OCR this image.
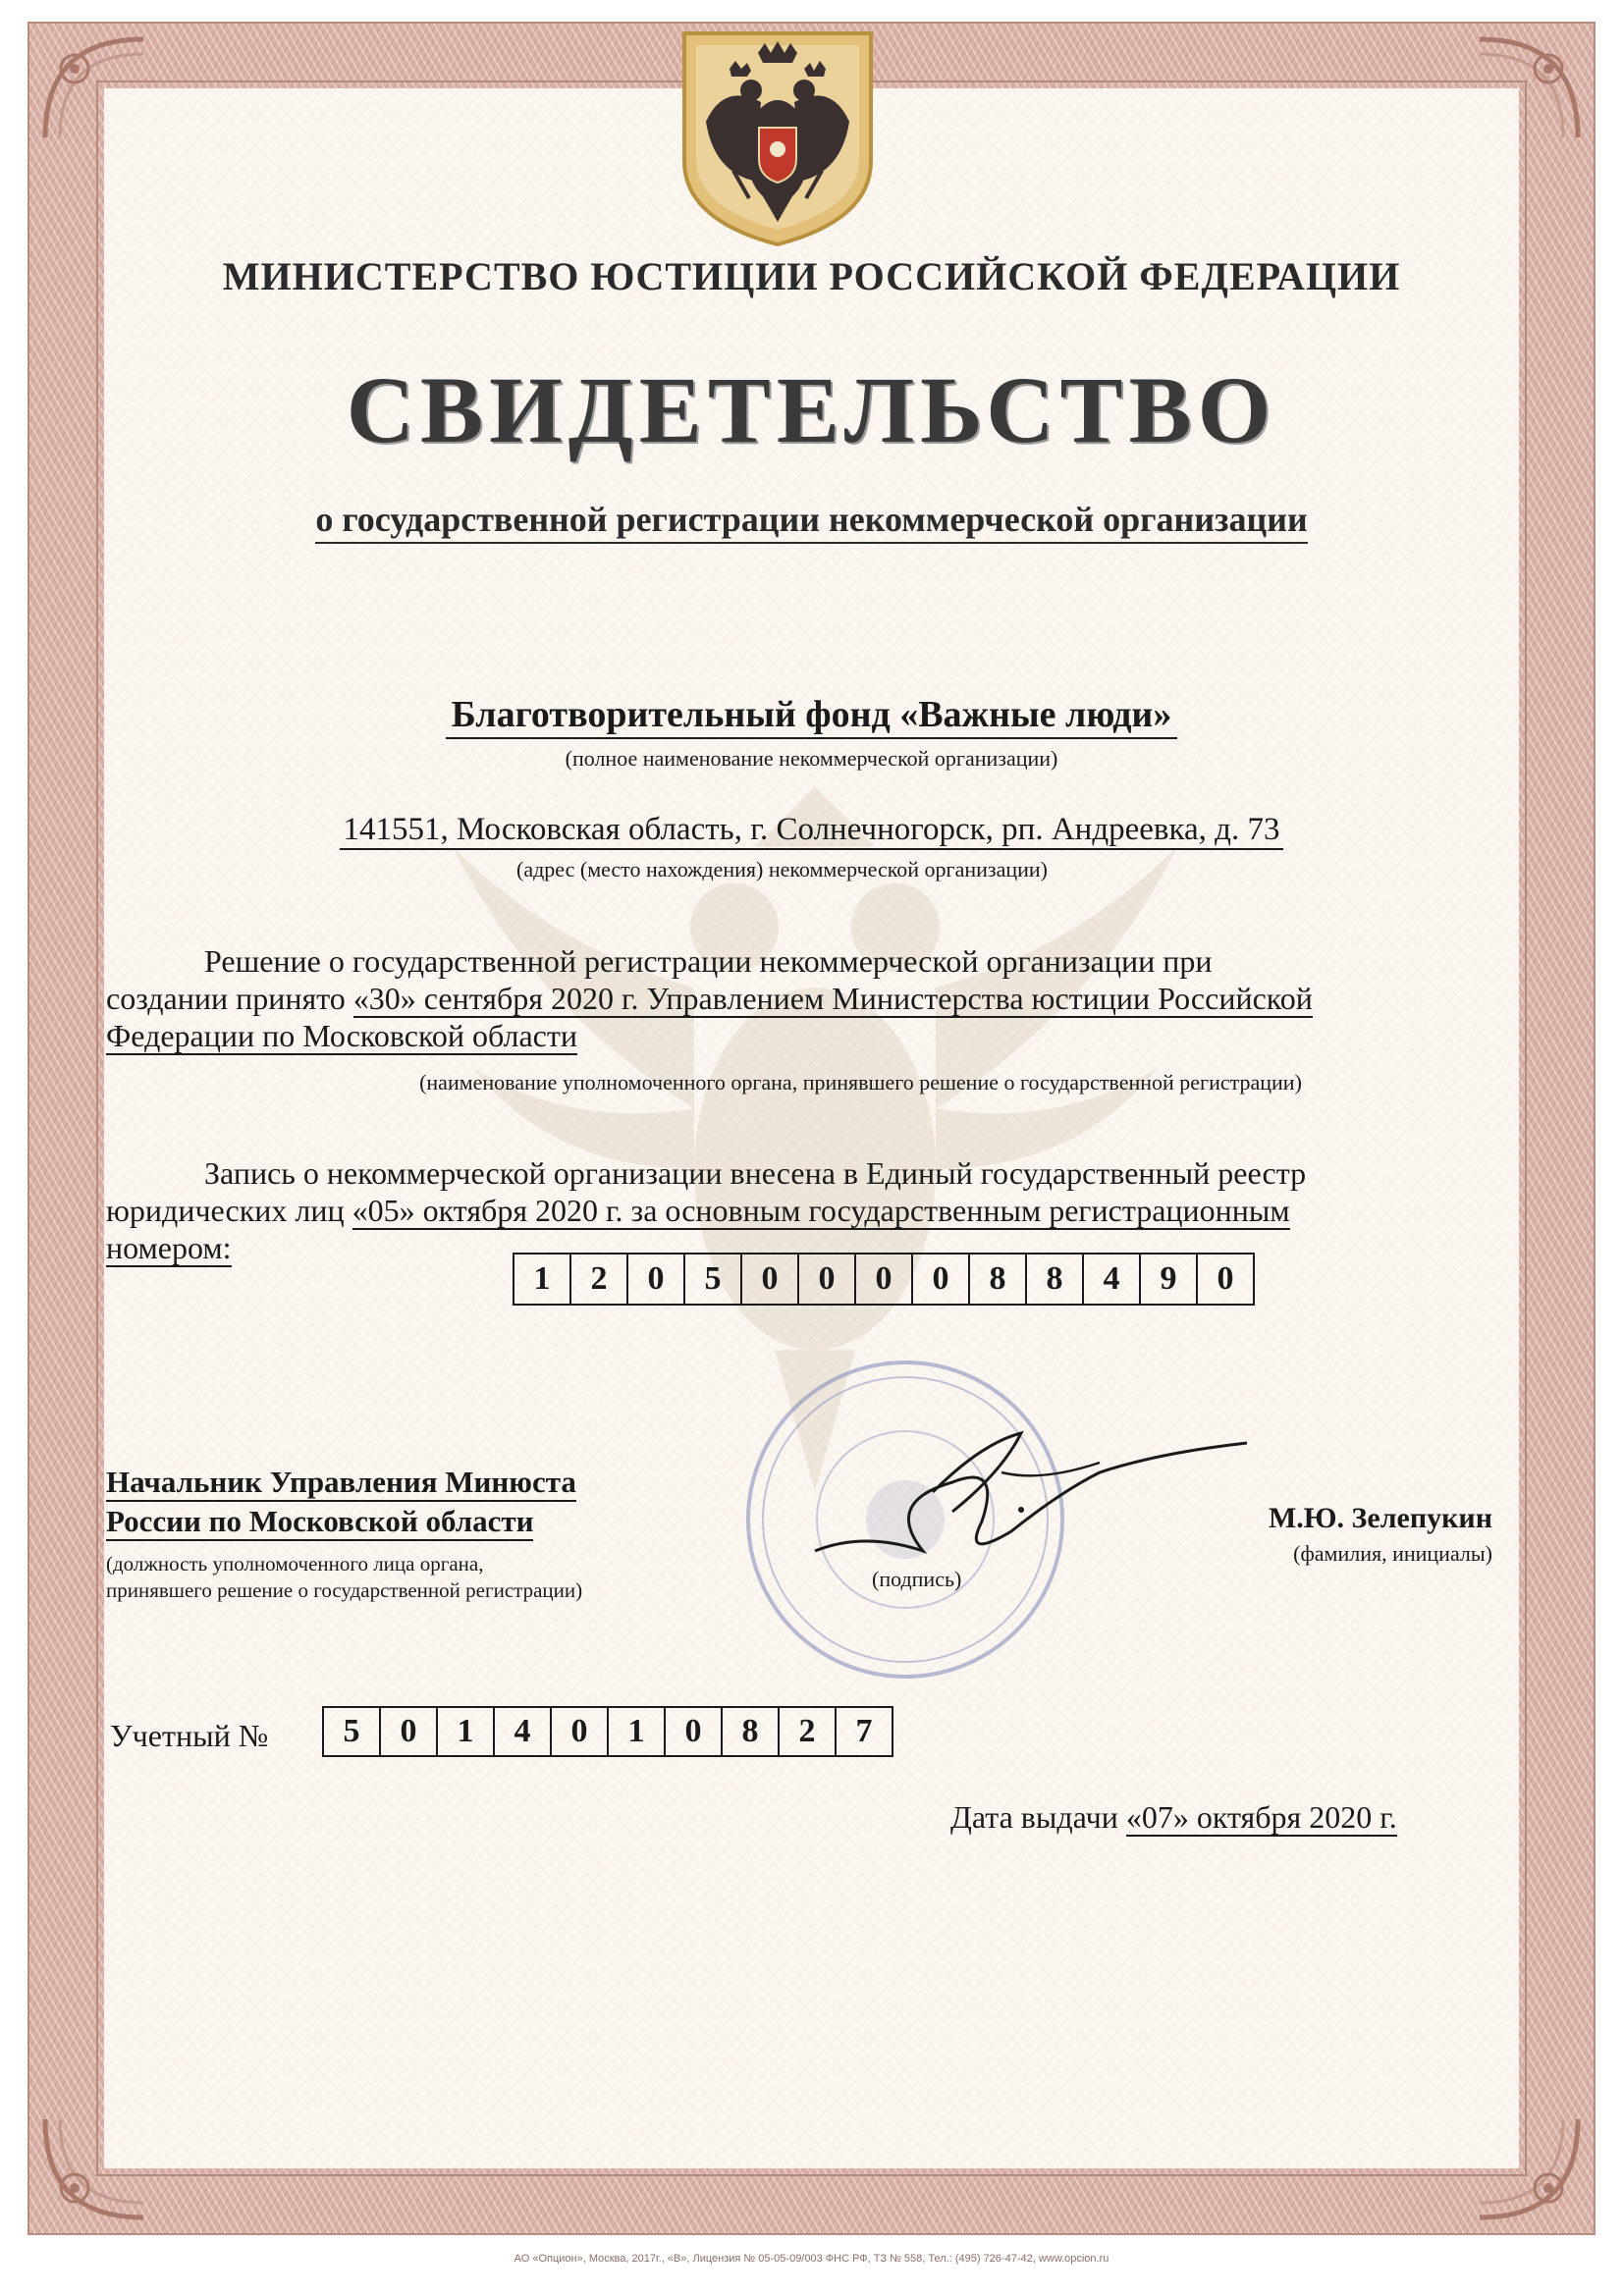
МИНИСТЕРСТВО ЮСТИЦИИ РОССИЙСКОЙ ФЕДЕРАЦИИ
СВИДЕТЕЛЬСТВО
о государственной регистрации некоммерческой организации
Благотворительный фонд «Важные люди»
(полное наименование некоммерческой организации)
141551, Московская область, г. Солнечногорск, рп. Андреевка, д. 73
(адрес (место нахождения) некоммерческой организации)
Решение о государственной регистрации некоммерческой организации при
создании принято «30» сентября 2020 г. Управлением Министерства юстиции Российской
Федерации по Московской области
(наименование уполномоченного органа, принявшего решение о государственной регистрации)
Запись о некоммерческой организации внесена в Единый государственный реестр
юридических лиц «05» октября 2020 г. за основным государственным регистрационным
номером:
1	2	0	5	0	0	0	0	8	8	4	9	0
Начальник Управления Минюста
России по Московской области
(должность уполномоченного лица органа,
принявшего решение о государственной регистрации)	(подпись)
М.Ю. Зелепукин
(фамилия, инициалы)
Учетный №	5	0	1	4	0	1	0	8	2	7
Дата выдачи «07» октября 2020 г.
АО «Опцион», Москва, 2017г., «В», Лицензия № 05-05-09/003 ФНС РФ, ТЗ № 558, Тел.: (495) 726-47-42, www.opcion.ru
